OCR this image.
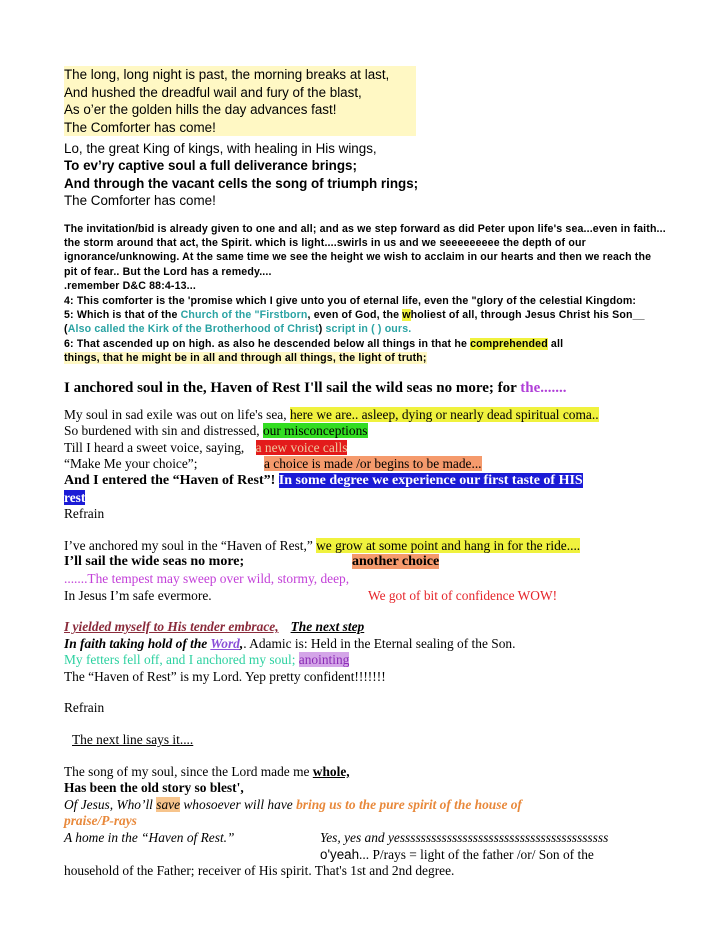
The long, long night is past, the morning breaks at last,
And hushed the dreadful wail and fury of the blast,
As o’er the golden hills the day advances fast!
The Comforter has come!
Lo, the great King of kings, with healing in His wings,
To ev’ry captive soul a full deliverance brings;
And through the vacant cells the song of triumph rings;
The Comforter has come!
The invitation/bid is already given to one and all; and as we step forward as did Peter upon life's sea...even in faith... the storm around that act, the Spirit. which is light....swirls in us and we seeeeeeeee the depth of our ignorance/unknowing. At the same time we see the height we wish to acclaim in our hearts and then we reach the pit of fear.. But the Lord has a remedy....
.remember D&C 88:4-13...
4: This comforter is the 'promise which I give unto you of eternal life, even the "glory of the celestial Kingdom:
5: Which is that of the Church of the "Firstborn, even of God, the wholiest of all, through Jesus Christ his Son__ (Also called the Kirk of the Brotherhood of Christ) script in ( ) ours.
6: That ascended up on high. as also he descended below all things in that he comprehended all
things, that he might be in all and through all things, the light of truth;
I anchored soul in the, Haven of Rest I'll sail the wild seas no more; for the.......
My soul in sad exile was out on life's sea, here we are.. asleep, dying or nearly dead spiritual coma..
So burdened with sin and distressed, our misconceptions
Till I heard a sweet voice, saying, a new voice calls
“Make Me your choice”;	a choice is made /or begins to be made...
And I entered the “Haven of Rest”! In some degree we experience our first taste of HIS
rest
Refrain
I’ve anchored my soul in the “Haven of Rest,” we grow at some point and hang in for the ride....
I’ll sail the wide seas no more;	another choice
.......The tempest may sweep over wild, stormy, deep,
In Jesus I’m safe evermore.	We got of bit of confidence WOW!
I yielded myself to His tender embrace, The next step
In faith taking hold of the Word,. Adamic is: Held in the Eternal sealing of the Son.
My fetters fell off, and I anchored my soul; anointing
The “Haven of Rest” is my Lord. Yep pretty confident!!!!!!!
Refrain
The next line says it....
The song of my soul, since the Lord made me whole,
Has been the old story so blest',
Of Jesus, Who’ll save whosoever will have bring us to the pure spirit of the house of
praise/P-rays
A home in the “Haven of Rest.”	Yes, yes and yessssssssssssssssssssssssssssssssssssssss
o'yeah... P/rays = light of the father /or/ Son of the
household of the Father; receiver of His spirit. That's 1st and 2nd degree.
